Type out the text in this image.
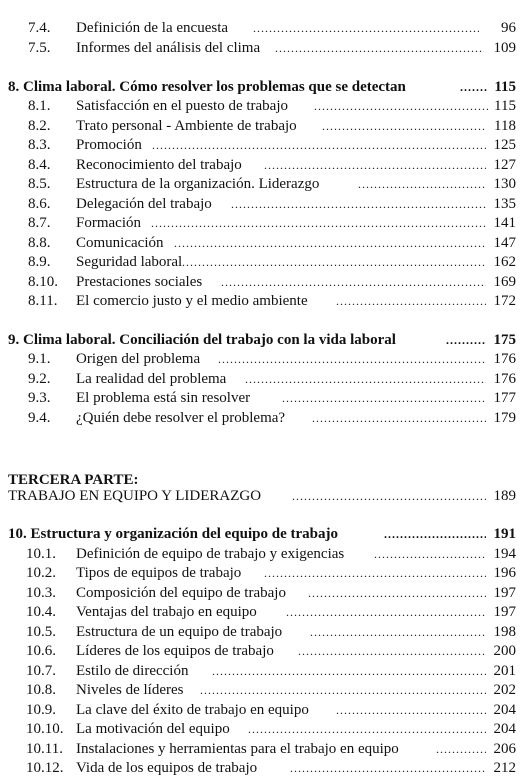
7.4. Definición de la encuesta .....	96
7.5. Informes del análisis del clima .....	109
8. Clima laboral. Cómo resolver los problemas que se detectan .....	115
8.1. Satisfacción en el puesto de trabajo .....	115
8.2. Trato personal - Ambiente de trabajo .....	118
8.3. Promoción .....	125
8.4. Reconocimiento del trabajo .....	127
8.5. Estructura de la organización. Liderazgo .....	130
8.6. Delegación del trabajo .....	135
8.7. Formación .....	141
8.8. Comunicación .....	147
8.9. Seguridad laboral .....	162
8.10. Prestaciones sociales .....	169
8.11. El comercio justo y el medio ambiente .....	172
9. Clima laboral. Conciliación del trabajo con la vida laboral .....	175
9.1. Origen del problema .....	176
9.2. La realidad del problema .....	176
9.3. El problema está sin resolver .....	177
9.4. ¿Quién debe resolver el problema? .....	179
TERCERA PARTE:
TRABAJO EN EQUIPO Y LIDERAZGO .....	189
10. Estructura y organización del equipo de trabajo .....	191
10.1. Definición de equipo de trabajo y exigencias .....	194
10.2. Tipos de equipos de trabajo .....	196
10.3. Composición del equipo de trabajo .....	197
10.4. Ventajas del trabajo en equipo .....	197
10.5. Estructura de un equipo de trabajo .....	198
10.6. Líderes de los equipos de trabajo .....	200
10.7. Estilo de dirección .....	201
10.8. Niveles de líderes .....	202
10.9. La clave del éxito de trabajo en equipo .....	204
10.10. La motivación del equipo .....	204
10.11. Instalaciones y herramientas para el trabajo en equipo .....	206
10.12. Vida de los equipos de trabajo .....	212
